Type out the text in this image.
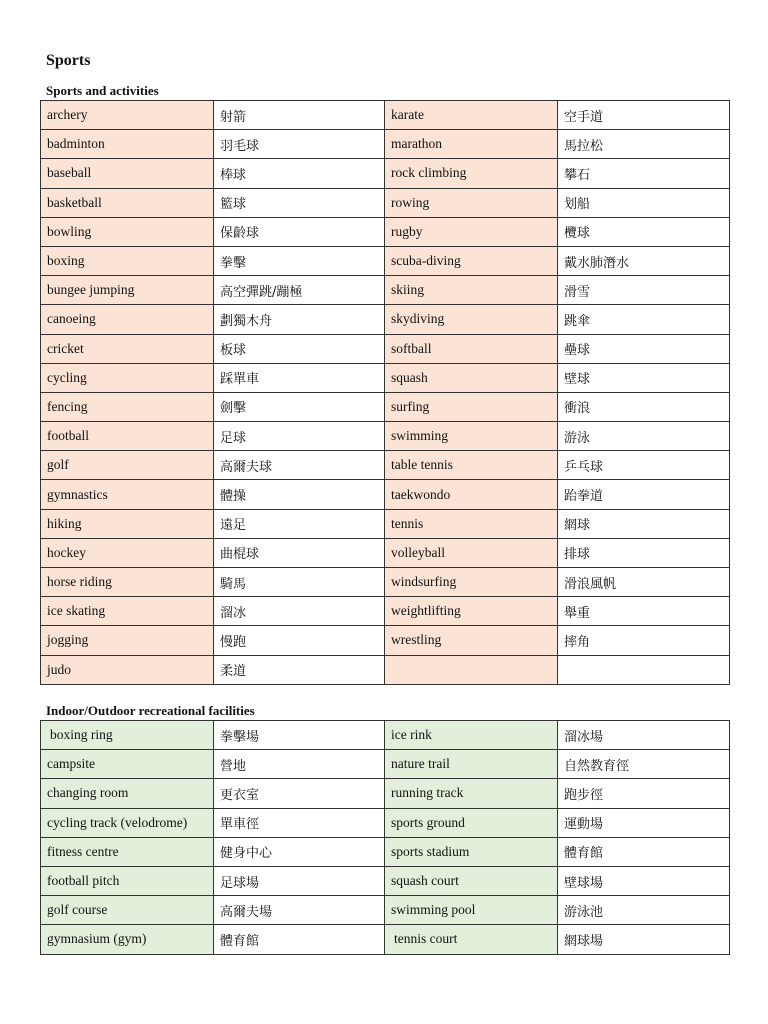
Sports
Sports and activities
archery	射箭	karate	空手道
badminton	羽毛球	marathon	馬拉松
baseball	棒球	rock climbing	攀石
basketball	籃球	rowing	划船
bowling	保齡球	rugby	欖球
boxing	拳擊	scuba-diving	戴水肺潛水
bungee jumping	高空彈跳/蹦極	skiing	滑雪
canoeing	劃獨木舟	skydiving	跳傘
cricket	板球	softball	壘球
cycling	踩單車	squash	壁球
fencing	劍擊	surfing	衝浪
football	足球	swimming	游泳
golf	高爾夫球	table tennis	乒乓球
gymnastics	體操	taekwondo	跆拳道
hiking	遠足	tennis	網球
hockey	曲棍球	volleyball	排球
horse riding	騎馬	windsurfing	滑浪風帆
ice skating	溜冰	weightlifting	舉重
jogging	慢跑	wrestling	摔角
judo	柔道		
Indoor/Outdoor recreational facilities
boxing ring	拳擊場	ice rink	溜冰場
campsite	營地	nature trail	自然教育徑
changing room	更衣室	running track	跑步徑
cycling track (velodrome)	單車徑	sports ground	運動場
fitness centre	健身中心	sports stadium	體育館
football pitch	足球場	squash court	壁球場
golf course	高爾夫場	swimming pool	游泳池
gymnasium (gym)	體育館	tennis court	網球場
